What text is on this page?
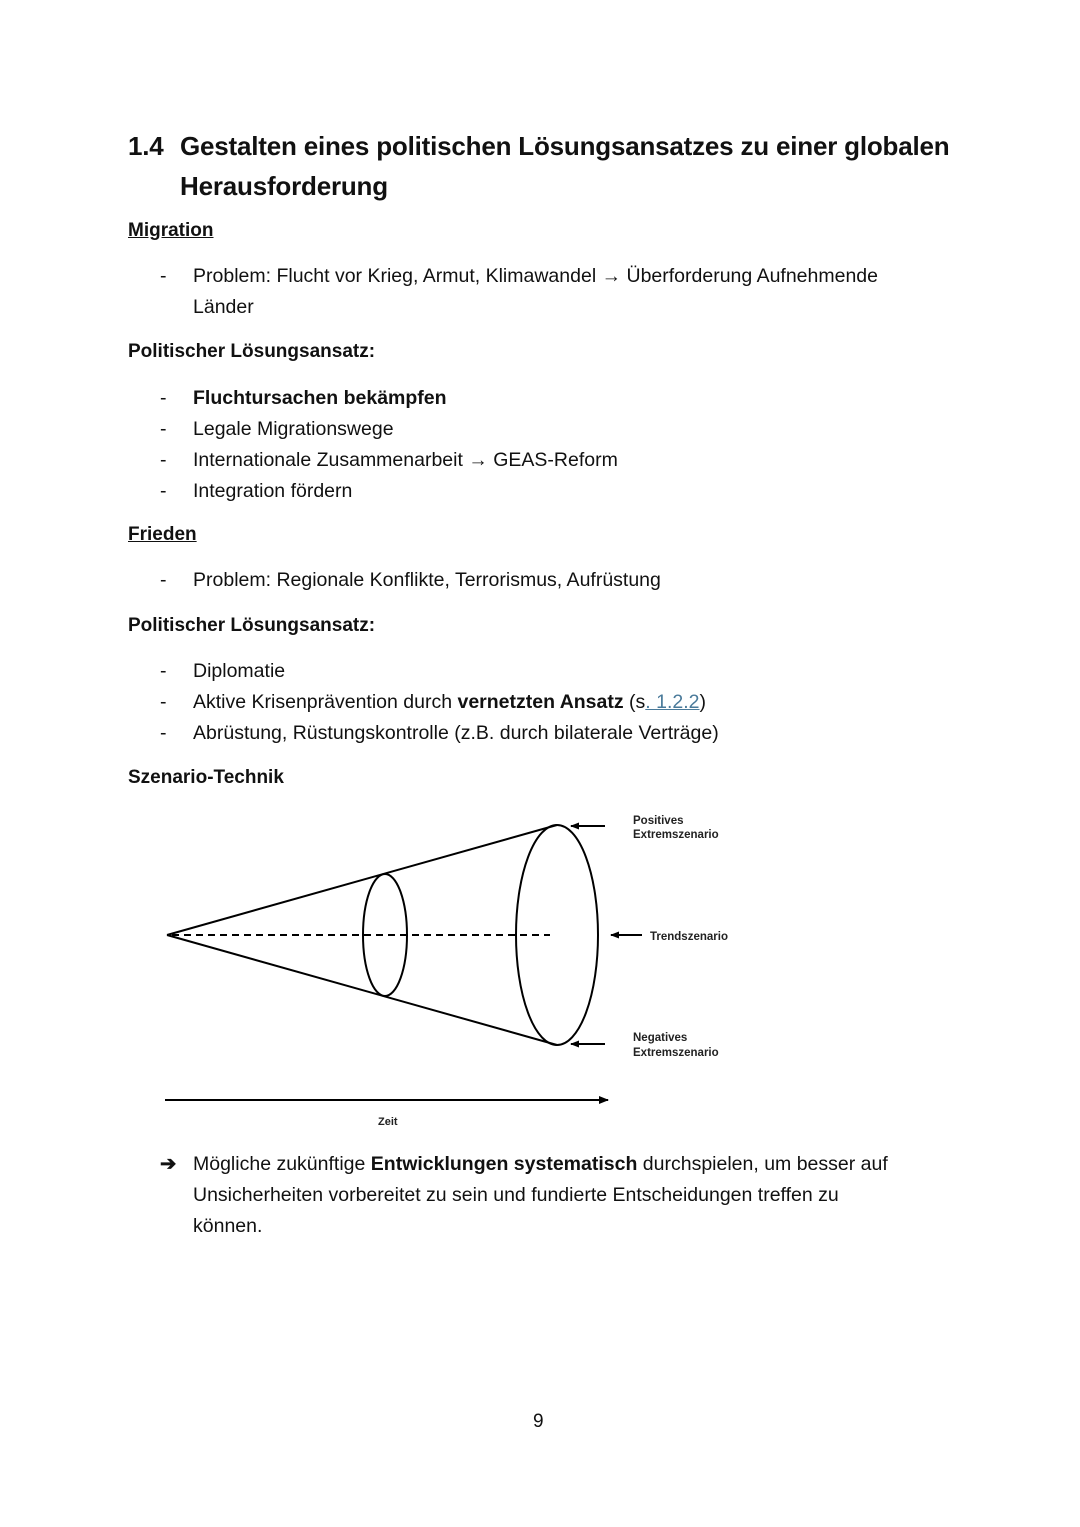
1.4 Gestalten eines politischen Lösungsansatzes zu einer globalen
Herausforderung
Migration
- Problem: Flucht vor Krieg, Armut, Klimawandel → Überforderung Aufnehmende
Länder
Politischer Lösungsansatz:
- Fluchtursachen bekämpfen
- Legale Migrationswege
- Internationale Zusammenarbeit → GEAS-Reform
- Integration fördern
Frieden
- Problem: Regionale Konflikte, Terrorismus, Aufrüstung
Politischer Lösungsansatz:
- Diplomatie
- Aktive Krisenprävention durch vernetzten Ansatz (s. 1.2.2)
- Abrüstung, Rüstungskontrolle (z.B. durch bilaterale Verträge)
Szenario-Technik
Positives
Extremszenario
Trendszenario
Negatives
Extremszenario
Zeit
➔ Mögliche zukünftige Entwicklungen systematisch durchspielen, um besser auf
Unsicherheiten vorbereitet zu sein und fundierte Entscheidungen treffen zu
können.
9
